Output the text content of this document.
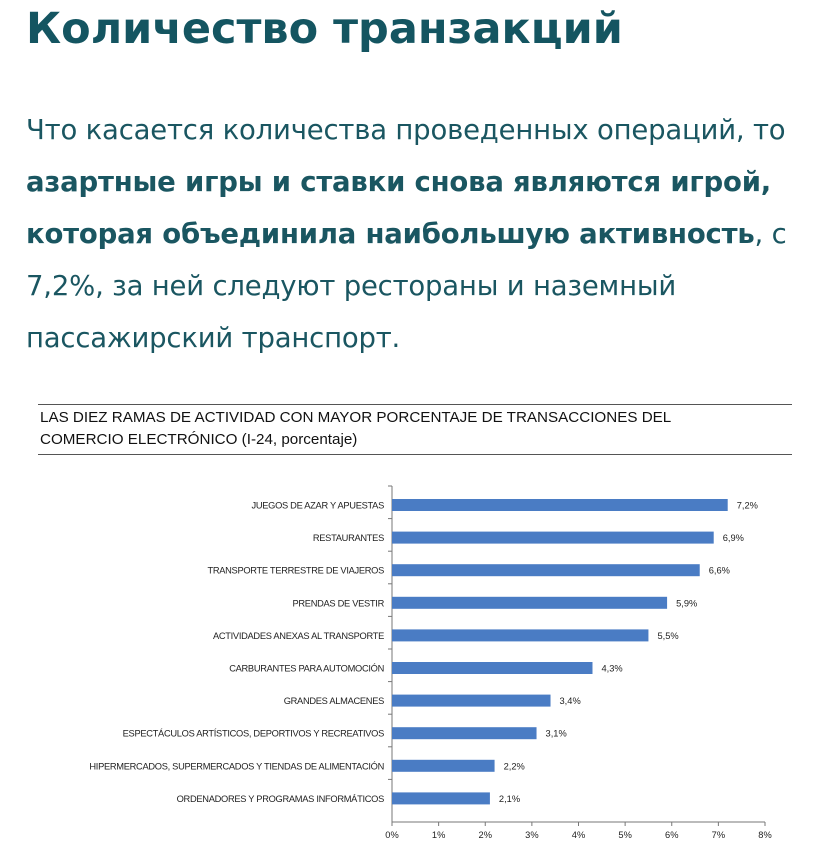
Количество транзакций

Что касается количества проведенных операций, то азартные игры и ставки снова являются игрой, которая объединила наибольшую активность, с 7,2%, за ней следуют рестораны и наземный пассажирский транспорт.

LAS DIEZ RAMAS DE ACTIVIDAD CON MAYOR PORCENTAJE DE TRANSACCIONES DEL
COMERCIO ELECTRÓNICO (I-24, porcentaje)
JUEGOS DE AZAR Y APUESTAS	7,2%
RESTAURANTES	6,9%
TRANSPORTE TERRESTRE DE VIAJEROS	6,6%
PRENDAS DE VESTIR	5,9%
ACTIVIDADES ANEXAS AL TRANSPORTE	5,5%
CARBURANTES PARA AUTOMOCIÓN	4,3%
GRANDES ALMACENES	3,4%
ESPECTÁCULOS ARTÍSTICOS, DEPORTIVOS Y RECREATIVOS	3,1%
HIPERMERCADOS, SUPERMERCADOS Y TIENDAS DE ALIMENTACIÓN	2,2%
ORDENADORES Y PROGRAMAS INFORMÁTICOS	2,1%
0%	1%	2%	3%	4%	5%	6%	7%	8%
